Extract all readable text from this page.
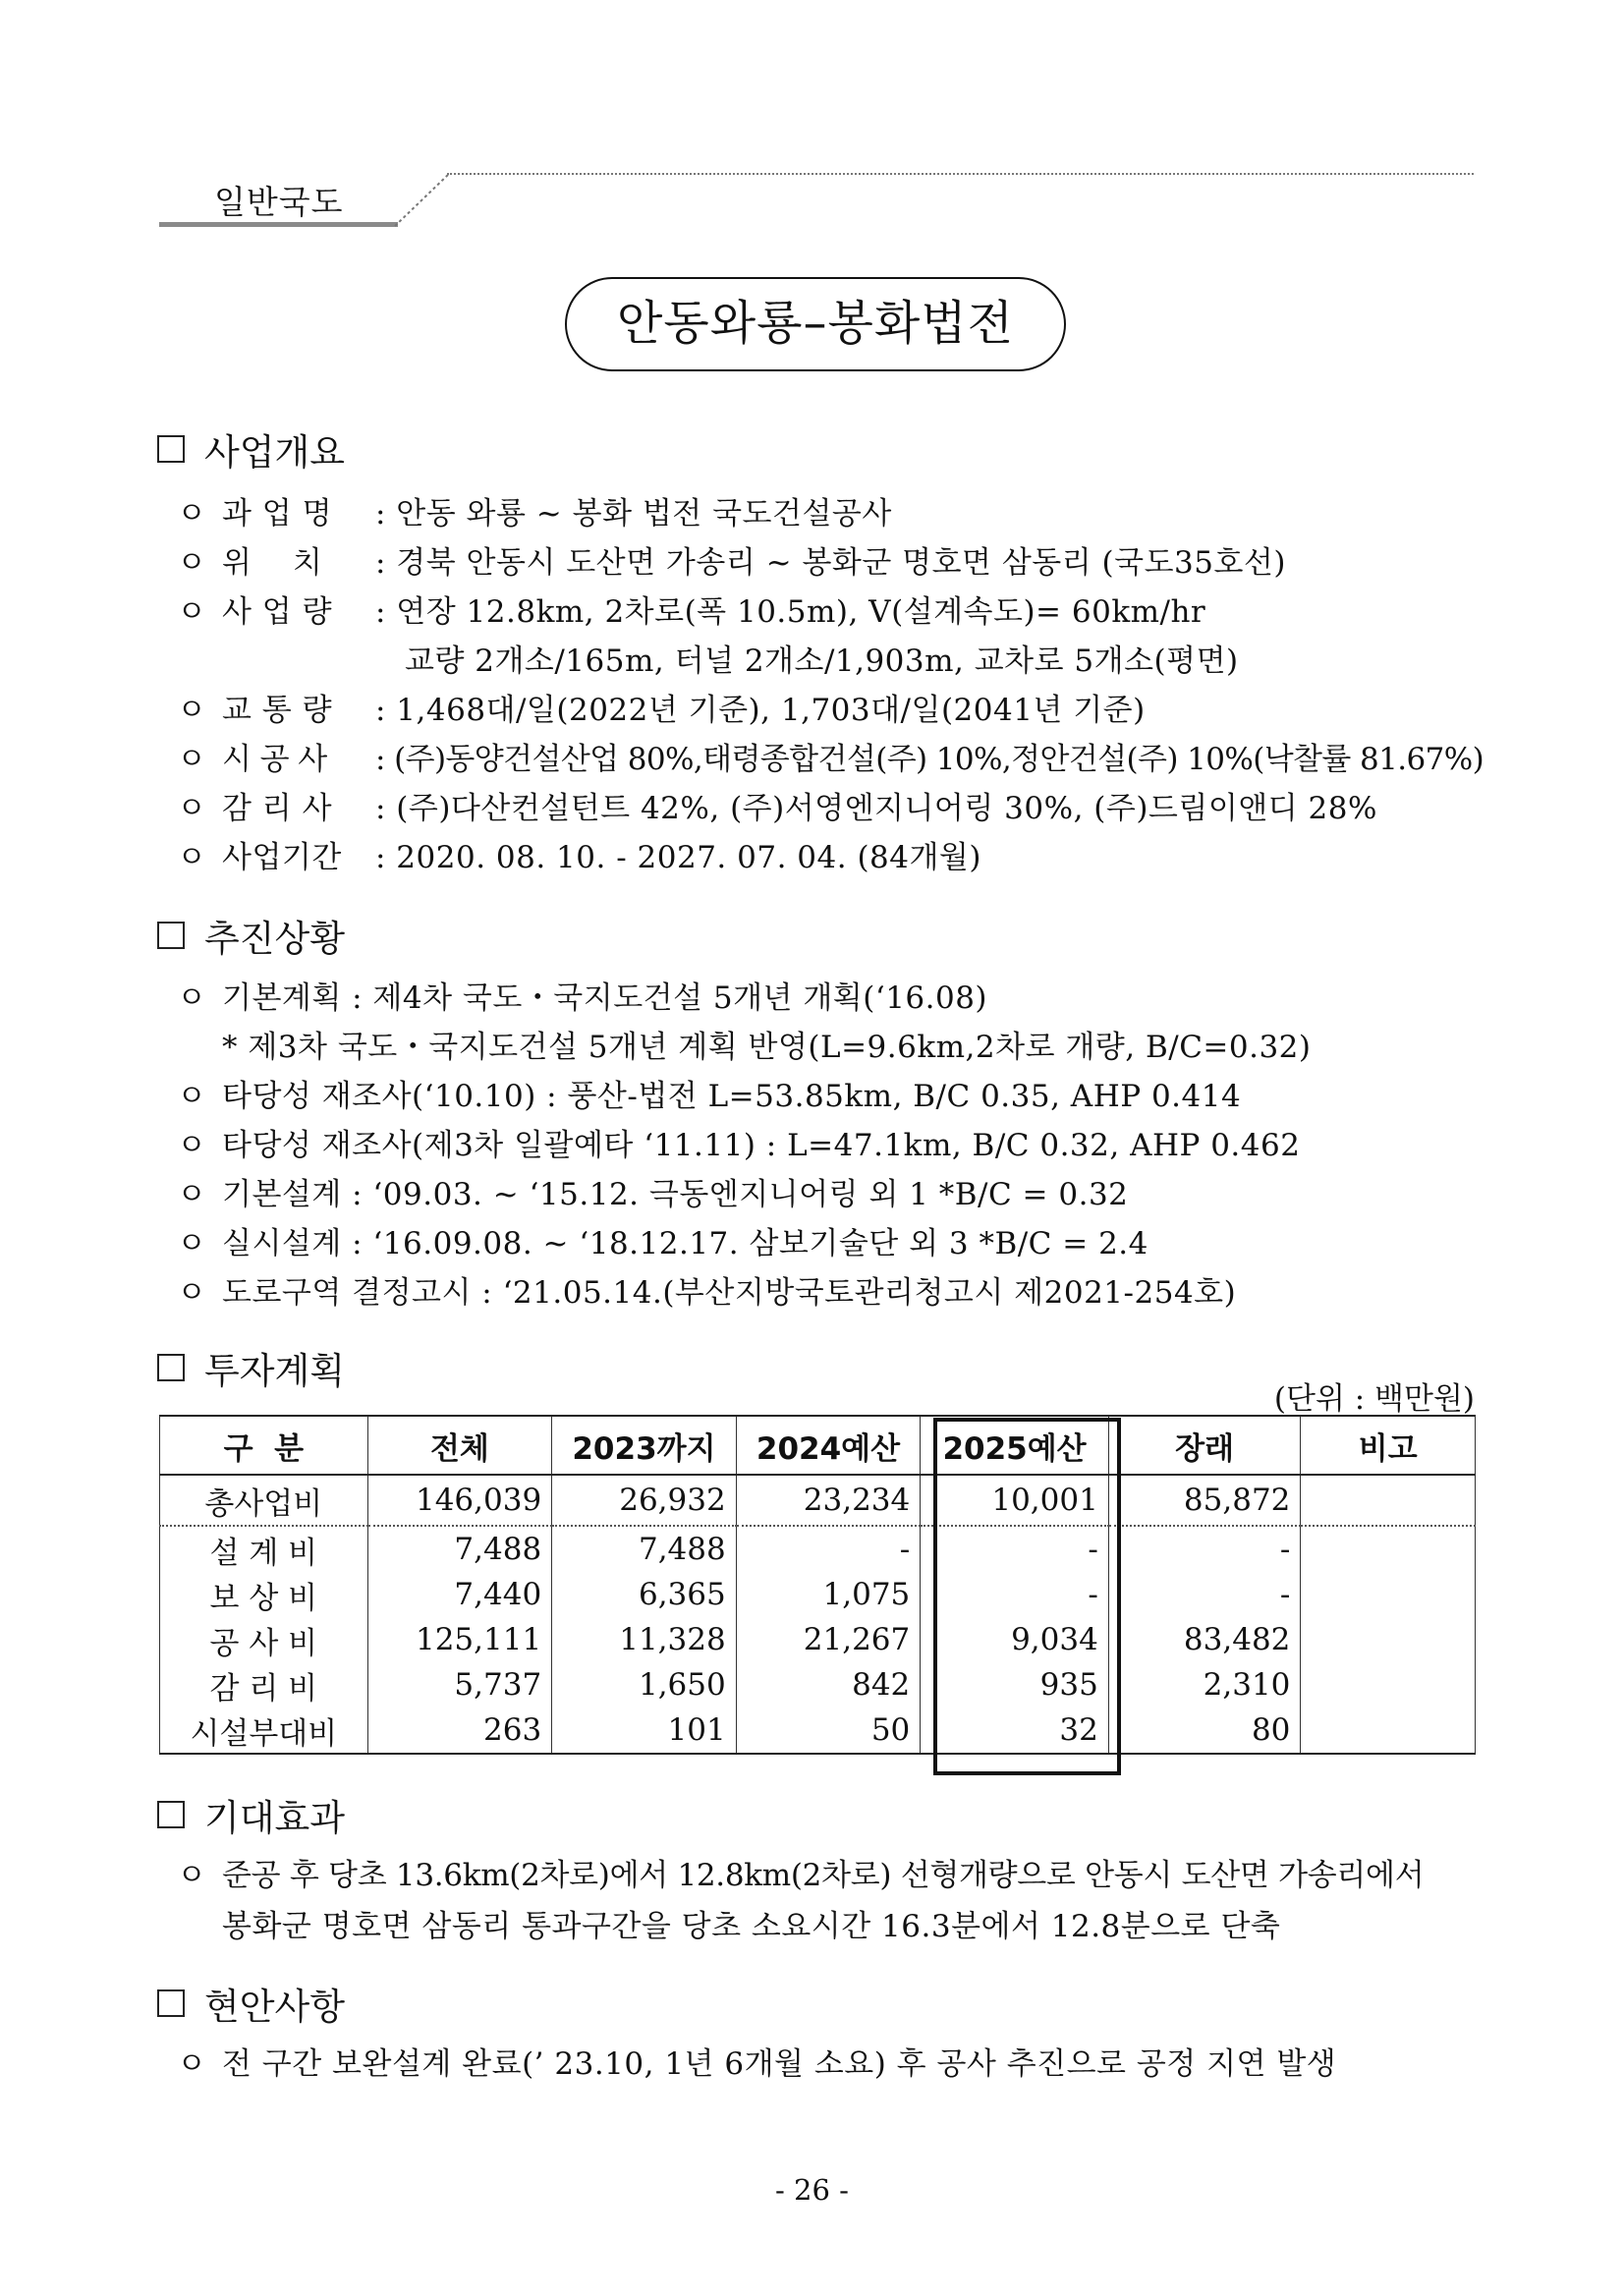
일반국도
안동와룡–봉화법전
사업개요
ㅇ 과 업 명 : 안동 와룡 ~ 봉화 법전 국도건설공사
ㅇ 위    치 : 경북 안동시 도산면 가송리 ~ 봉화군 명호면 삼동리 (국도35호선)
ㅇ 사 업 량 : 연장 12.8km, 2차로(폭 10.5m), V(설계속도)= 60km/hr
교량 2개소/165m, 터널 2개소/1,903m, 교차로 5개소(평면)
ㅇ 교 통 량 : 1,468대/일(2022년 기준), 1,703대/일(2041년 기준)
ㅇ 시 공 사 : (주)동양건설산업 80%,태령종합건설(주) 10%,정안건설(주) 10%(낙찰률 81.67%)
ㅇ 감 리 사 : (주)다산컨설턴트 42%, (주)서영엔지니어링 30%, (주)드림이앤디 28%
ㅇ 사업기간 : 2020. 08. 10. - 2027. 07. 04. (84개월)
추진상황
ㅇ 기본계획 : 제4차 국도・국지도건설 5개년 개획(‘16.08)
* 제3차 국도・국지도건설 5개년 계획 반영(L=9.6km,2차로 개량, B/C=0.32)
ㅇ 타당성 재조사(‘10.10) : 풍산-법전 L=53.85km, B/C 0.35, AHP 0.414
ㅇ 타당성 재조사(제3차 일괄예타 ‘11.11) : L=47.1km, B/C 0.32, AHP 0.462
ㅇ 기본설계 : ‘09.03. ~ ‘15.12. 극동엔지니어링 외 1 *B/C = 0.32
ㅇ 실시설계 : ‘16.09.08. ~ ‘18.12.17. 삼보기술단 외 3 *B/C = 2.4
ㅇ 도로구역 결정고시 : ‘21.05.14.(부산지방국토관리청고시 제2021-254호)
투자계획
(단위 : 백만원)
구  분	전체	2023까지	2024예산	2025예산	장래	비고
총사업비	146,039	26,932	23,234	10,001	85,872	
설 계 비	7,488	7,488	-	-	-	
보 상 비	7,440	6,365	1,075	-	-	
공 사 비	125,111	11,328	21,267	9,034	83,482	
감 리 비	5,737	1,650	842	935	2,310	
시설부대비	263	101	50	32	80	
기대효과
ㅇ 준공 후 당초 13.6km(2차로)에서 12.8km(2차로) 선형개량으로 안동시 도산면 가송리에서
봉화군 명호면 삼동리 통과구간을 당초 소요시간 16.3분에서 12.8분으로 단축
현안사항
ㅇ 전 구간 보완설계 완료(’ 23.10, 1년 6개월 소요) 후 공사 추진으로 공정 지연 발생
- 26 -
